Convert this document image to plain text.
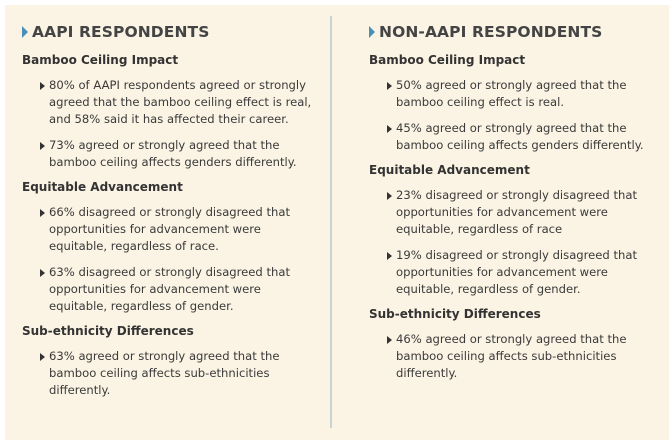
AAPI RESPONDENTS
Bamboo Ceiling Impact
80% of AAPI respondents agreed or strongly agreed that the bamboo ceiling effect is real, and 58% said it has affected their career.
73% agreed or strongly agreed that the bamboo ceiling affects genders differently.
Equitable Advancement
66% disagreed or strongly disagreed that opportunities for advancement were equitable, regardless of race.
63% disagreed or strongly disagreed that opportunities for advancement were equitable, regardless of gender.
Sub-ethnicity Differences
63% agreed or strongly agreed that the bamboo ceiling affects sub-ethnicities differently.
NON-AAPI RESPONDENTS
Bamboo Ceiling Impact
50% agreed or strongly agreed that the bamboo ceiling effect is real.
45% agreed or strongly agreed that the bamboo ceiling affects genders differently.
Equitable Advancement
23% disagreed or strongly disagreed that opportunities for advancement were equitable, regardless of race
19% disagreed or strongly disagreed that opportunities for advancement were equitable, regardless of gender.
Sub-ethnicity Differences
46% agreed or strongly agreed that the bamboo ceiling affects sub-ethnicities differently.
